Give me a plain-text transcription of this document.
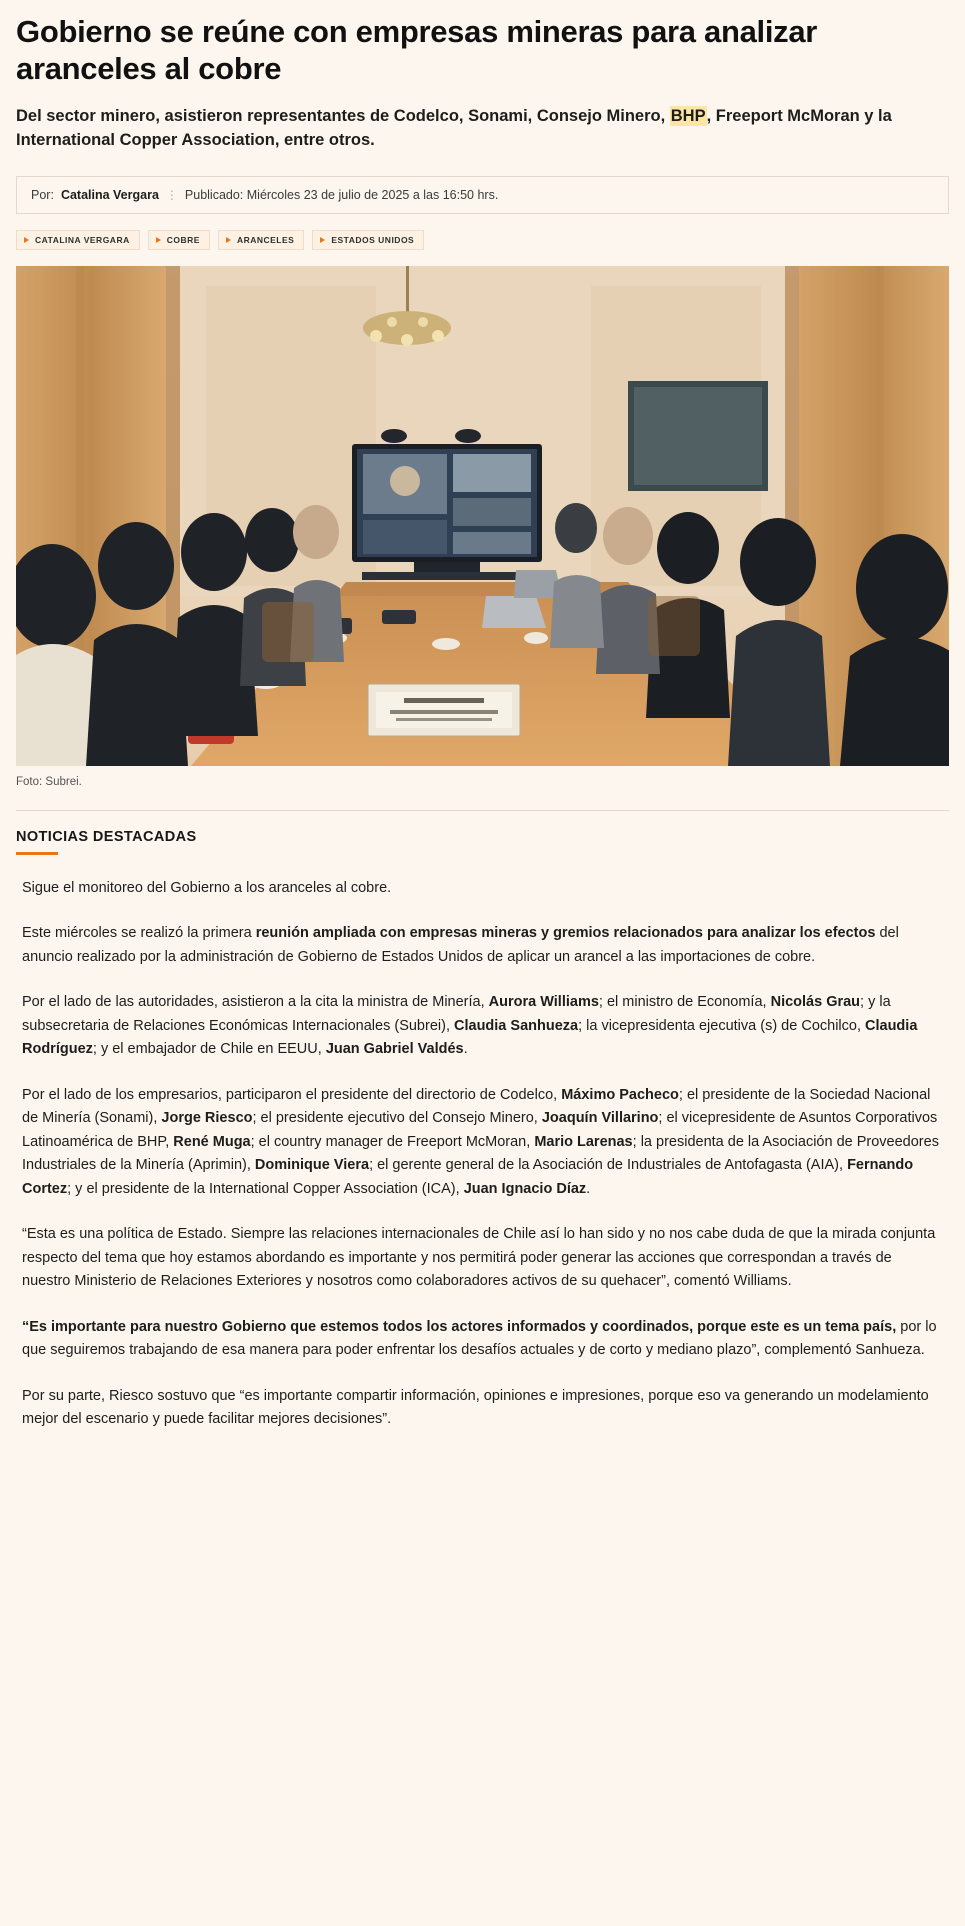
Gobierno se reúne con empresas mineras para analizar aranceles al cobre

Del sector minero, asistieron representantes de Codelco, Sonami, Consejo Minero, BHP, Freeport McMoran y la International Copper Association, entre otros.

Por: Catalina Vergara ⋮ Publicado: Miércoles 23 de julio de 2025 a las 16:50 hrs.
CATALINA VERGARA	COBRE	ARANCELES	ESTADOS UNIDOS
Foto: Subrei.
NOTICIAS DESTACADAS

Sigue el monitoreo del Gobierno a los aranceles al cobre.

Este miércoles se realizó la primera reunión ampliada con empresas mineras y gremios relacionados para analizar los efectos del anuncio realizado por la administración de Gobierno de Estados Unidos de aplicar un arancel a las importaciones de cobre.

Por el lado de las autoridades, asistieron a la cita la ministra de Minería, Aurora Williams; el ministro de Economía, Nicolás Grau; y la subsecretaria de Relaciones Económicas Internacionales (Subrei), Claudia Sanhueza; la vicepresidenta ejecutiva (s) de Cochilco, Claudia Rodríguez; y el embajador de Chile en EEUU, Juan Gabriel Valdés.

Por el lado de los empresarios, participaron el presidente del directorio de Codelco, Máximo Pacheco; el presidente de la Sociedad Nacional de Minería (Sonami), Jorge Riesco; el presidente ejecutivo del Consejo Minero, Joaquín Villarino; el vicepresidente de Asuntos Corporativos Latinoamérica de BHP, René Muga; el country manager de Freeport McMoran, Mario Larenas; la presidenta de la Asociación de Proveedores Industriales de la Minería (Aprimin), Dominique Viera; el gerente general de la Asociación de Industriales de Antofagasta (AIA), Fernando Cortez; y el presidente de la International Copper Association (ICA), Juan Ignacio Díaz.

“Esta es una política de Estado. Siempre las relaciones internacionales de Chile así lo han sido y no nos cabe duda de que la mirada conjunta respecto del tema que hoy estamos abordando es importante y nos permitirá poder generar las acciones que correspondan a través de nuestro Ministerio de Relaciones Exteriores y nosotros como colaboradores activos de su quehacer”, comentó Williams.

“Es importante para nuestro Gobierno que estemos todos los actores informados y coordinados, porque este es un tema país, por lo que seguiremos trabajando de esa manera para poder enfrentar los desafíos actuales y de corto y mediano plazo”, complementó Sanhueza.

Por su parte, Riesco sostuvo que “es importante compartir información, opiniones e impresiones, porque eso va generando un modelamiento mejor del escenario y puede facilitar mejores decisiones”.
